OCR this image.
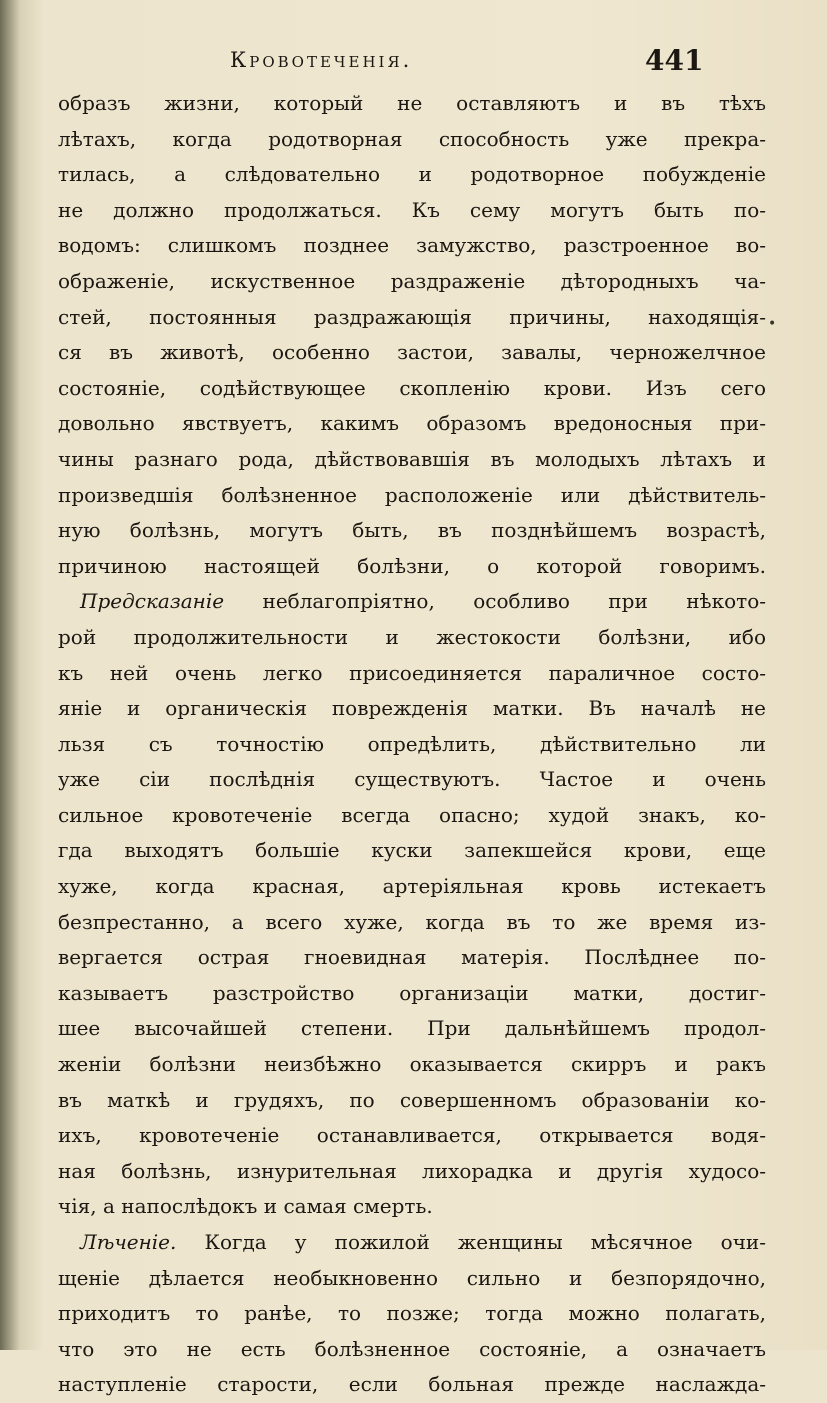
Кровотеченія.	441
•
образъ жизни, который не оставляютъ и въ тѣхъ
лѣтахъ, когда родотворная способность уже прекра-
тилась, а слѣдовательно и родотворное побужденіе
не должно продолжаться. Къ сему могутъ быть по-
водомъ: слишкомъ позднее замужство, разстроенное во-
ображеніе, искуственное раздраженіе дѣтородныхъ ча-
стей, постоянныя раздражающія причины, находящія-
ся въ животѣ, особенно застои, завалы, черножелчное
состояніе, содѣйствующее скопленію крови. Изъ сего
довольно явствуетъ, какимъ образомъ вредоносныя при-
чины разнаго рода, дѣйствовавшія въ молодыхъ лѣтахъ и
произведшія болѣзненное расположеніе или дѣйствитель-
ную болѣзнь, могутъ быть, въ позднѣйшемъ возрастѣ,
причиною настоящей болѣзни, о которой говоримъ.
Предсказаніе неблагопріятно, особливо при нѣкото-
рой продолжительности и жестокости болѣзни, ибо
къ ней очень легко присоединяется параличное состо-
яніе и органическія поврежденія матки. Въ началѣ не
льзя съ точностію опредѣлить, дѣйствительно ли
уже сіи послѣднія существуютъ. Частое и очень
сильное кровотеченіе всегда опасно; худой знакъ, ко-
гда выходятъ большіе куски запекшейся крови, еще
хуже, когда красная, артеріяльная кровь истекаетъ
безпрестанно, а всего хуже, когда въ то же время из-
вергается острая гноевидная матерія. Послѣднее по-
казываетъ разстройство организаціи матки, достиг-
шее высочайшей степени. При дальнѣйшемъ продол-
женіи болѣзни неизбѣжно оказывается скирръ и ракъ
въ маткѣ и грудяхъ, по совершенномъ образованіи ко-
ихъ, кровотеченіе останавливается, открывается водя-
ная болѣзнь, изнурительная лихорадка и другія худосо-
чія, а напослѣдокъ и самая смерть.
Лѣченіе. Когда у пожилой женщины мѣсячное очи-
щеніе дѣлается необыкновенно сильно и безпорядочно,
приходитъ то ранѣе, то позже; тогда можно полагать,
что это не есть болѣзненное состояніе, а означаетъ
наступленіе старости, если больная прежде наслажда-
